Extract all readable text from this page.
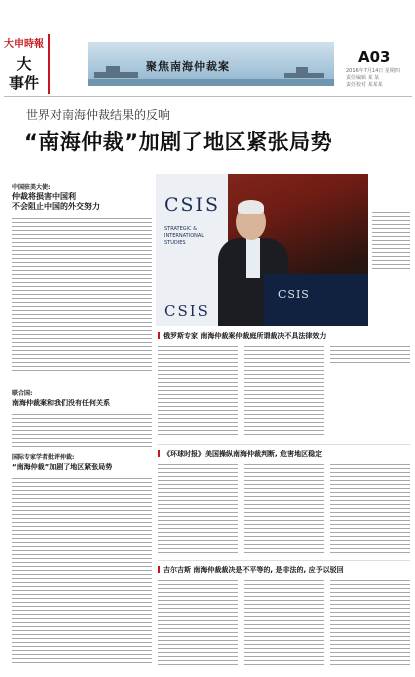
大申時報
大
事件
聚焦南海仲裁案
A03
2016年7月14日 星期四
责任编辑 某 某
责任校对 某某某
世界对南海仲裁结果的反响
“南海仲裁”加剧了地区紧张局势
中国驻美大使:
仲裁将损害中国利
不会阻止中国的外交努力
联合国:
南海仲裁案和我们没有任何关系
国际专家学者批评仲裁:
“南海仲裁”加剧了地区紧张局势
CSIS
STRATEGIC & INTERNATIONAL STUDIES
CSIS
CSIS
俄罗斯专家 南海仲裁案仲裁庭所谓裁决不具法律效力
《环球时报》美国操纵南海仲裁判断, 危害地区稳定
吉尔吉斯 南海仲裁裁决是不平等的, 是非法的, 应予以驳回
